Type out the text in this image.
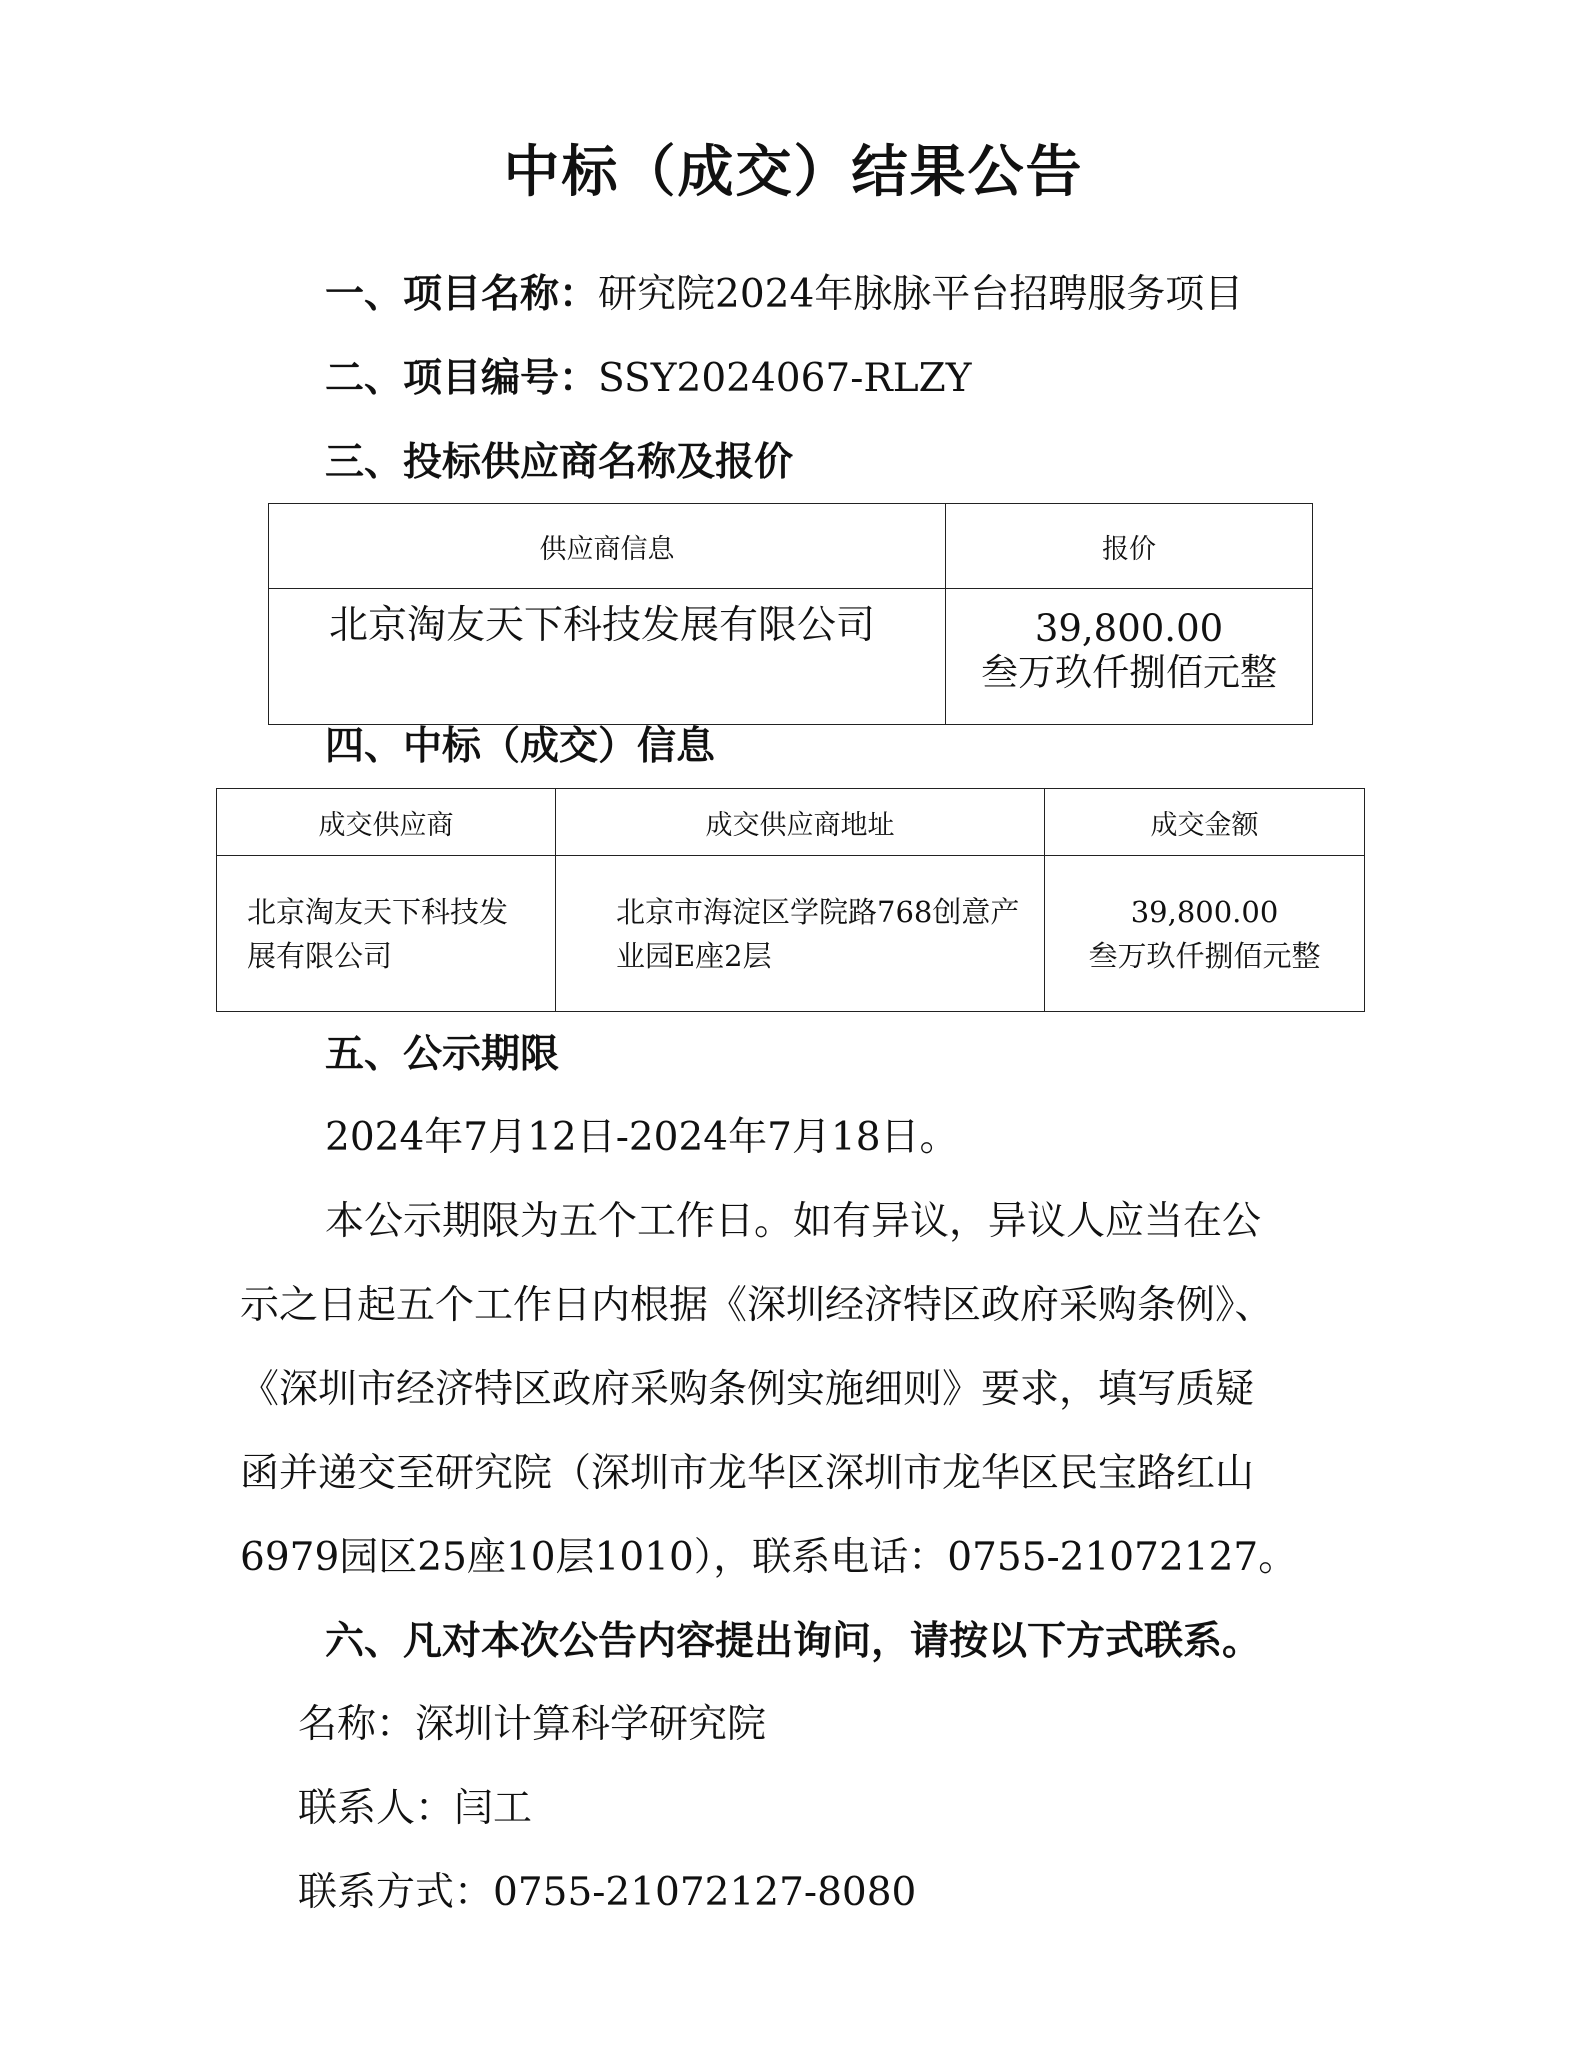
中标（成交）结果公告
一、项目名称：研究院2024年脉脉平台招聘服务项目
二、项目编号：SSY2024067-RLZY
三、投标供应商名称及报价
供应商信息	报价
北京淘友天下科技发展有限公司	39,800.00
叁万玖仟捌佰元整
四、中标（成交）信息
成交供应商	成交供应商地址	成交金额
北京淘友天下科技发展有限公司	北京市海淀区学院路768创意产业园E座2层	39,800.00
叁万玖仟捌佰元整
五、公示期限
2024年7月12日-2024年7月18日。
本公示期限为五个工作日。如有异议，异议人应当在公
示之日起五个工作日内根据《深圳经济特区政府采购条例》、
《深圳市经济特区政府采购条例实施细则》要求，填写质疑
函并递交至研究院（深圳市龙华区深圳市龙华区民宝路红山
6979园区25座10层1010），联系电话：0755-21072127。
六、凡对本次公告内容提出询问，请按以下方式联系。
名称：深圳计算科学研究院
联系人：闫工
联系方式：0755-21072127-8080
